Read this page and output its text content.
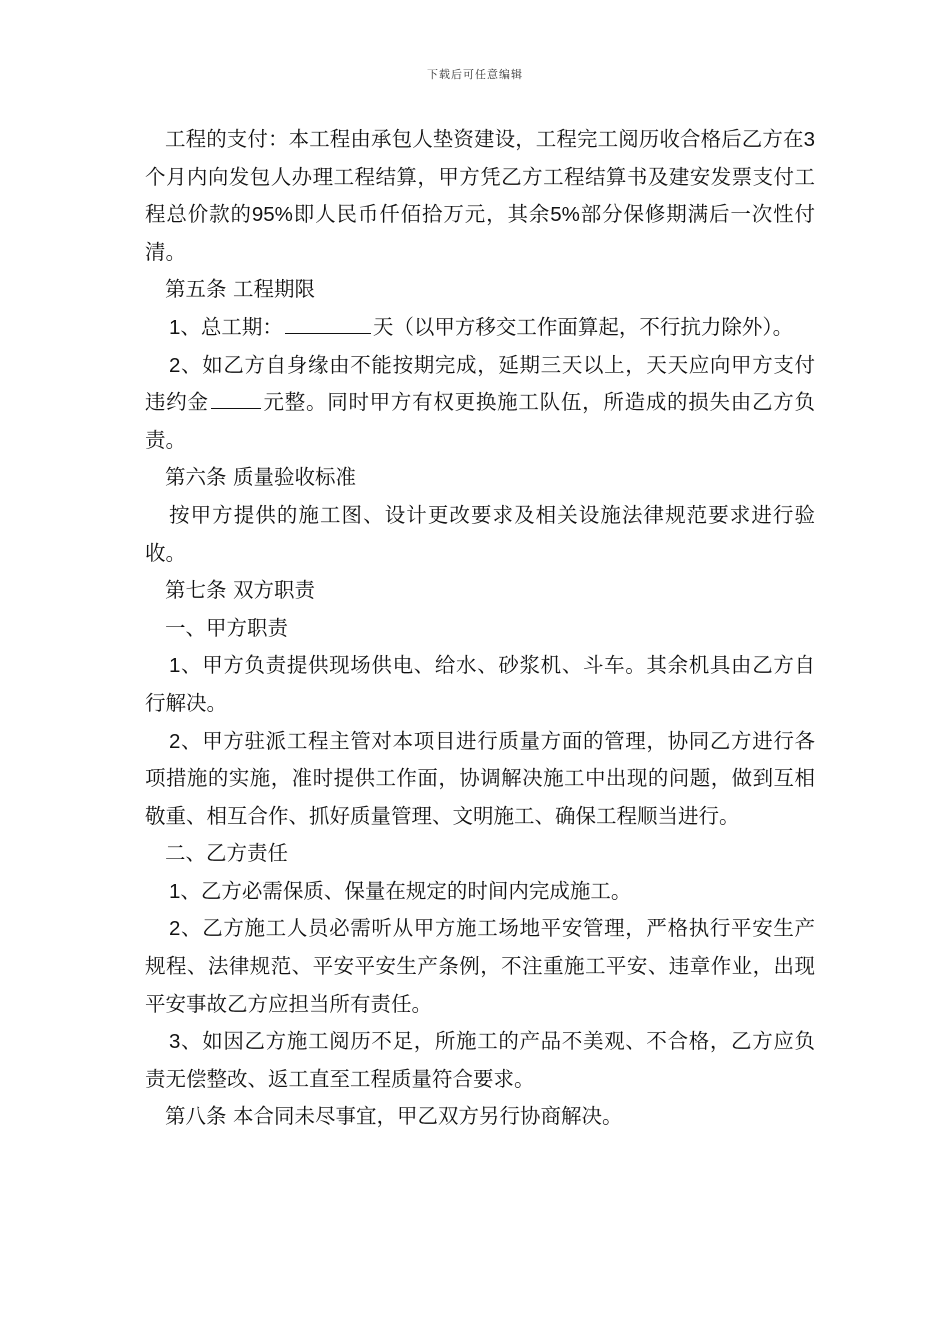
下载后可任意编辑

工程的支付：本工程由承包人垫资建设，工程完工阅历收合格后乙方在3个月内向发包人办理工程结算，甲方凭乙方工程结算书及建安发票支付工程总价款的95%即人民币仟佰拾万元，其余5%部分保修期满后一次性付清。

第五条 工程期限

1、总工期：	天（以甲方移交工作面算起，不行抗力除外）。

2、如乙方自身缘由不能按期完成，延期三天以上，天天应向甲方支付违约金	元整。同时甲方有权更换施工队伍，所造成的损失由乙方负责。

第六条 质量验收标准

按甲方提供的施工图、设计更改要求及相关设施法律规范要求进行验收。

第七条 双方职责

一、甲方职责

1、甲方负责提供现场供电、给水、砂浆机、斗车。其余机具由乙方自行解决。

2、甲方驻派工程主管对本项目进行质量方面的管理，协同乙方进行各项措施的实施，准时提供工作面，协调解决施工中出现的问题，做到互相敬重、相互合作、抓好质量管理、文明施工、确保工程顺当进行。

二、乙方责任

1、乙方必需保质、保量在规定的时间内完成施工。

2、乙方施工人员必需听从甲方施工场地平安管理，严格执行平安生产规程、法律规范、平安平安生产条例，不注重施工平安、违章作业，出现平安事故乙方应担当所有责任。

3、如因乙方施工阅历不足，所施工的产品不美观、不合格，乙方应负责无偿整改、返工直至工程质量符合要求。

第八条 本合同未尽事宜，甲乙双方另行协商解决。
